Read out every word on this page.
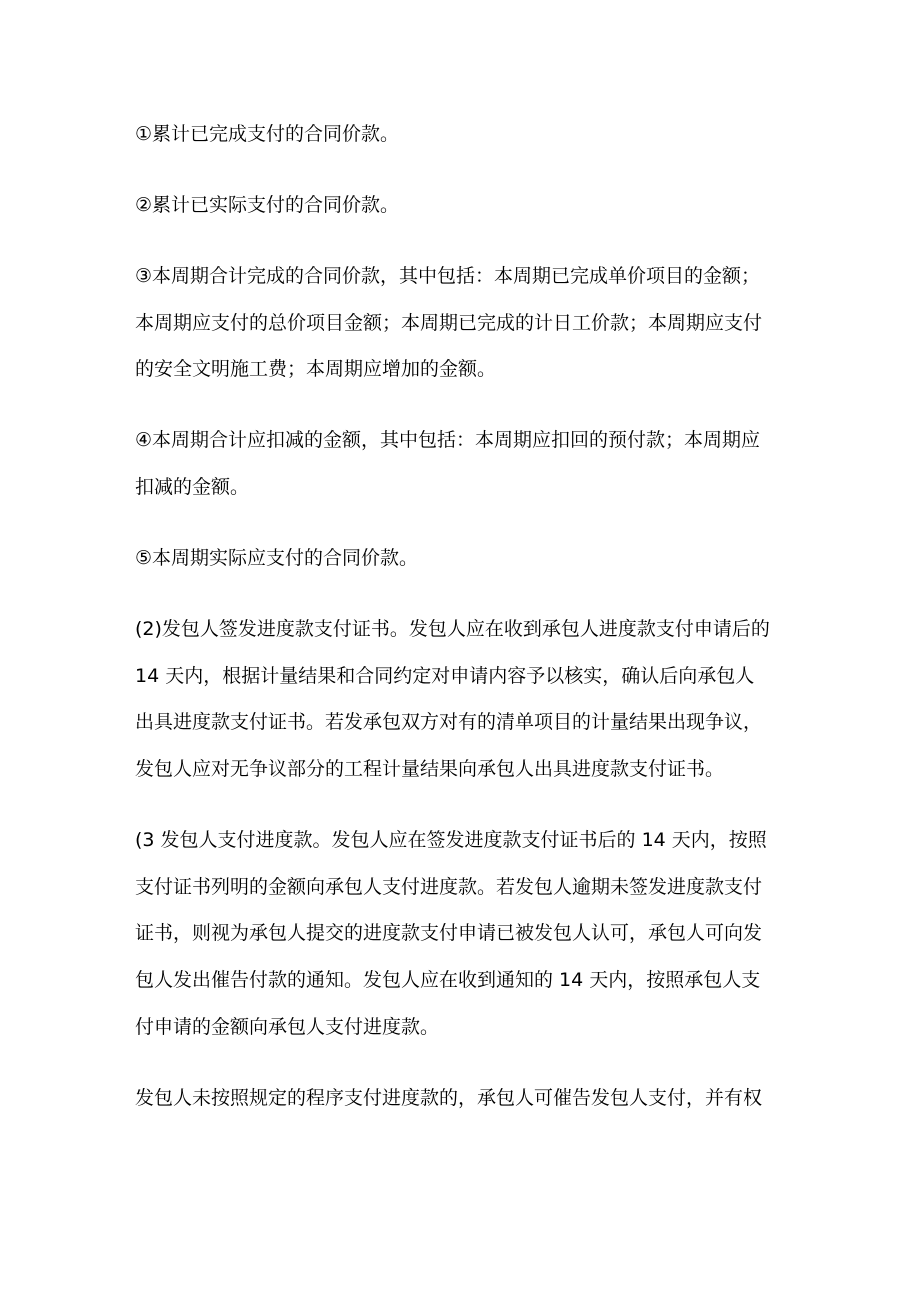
①累计已完成支付的合同价款。
②累计已实际支付的合同价款。
③本周期合计完成的合同价款，其中包括：本周期已完成单价项目的金额；
本周期应支付的总价项目金额；本周期已完成的计日工价款；本周期应支付
的安全文明施工费；本周期应增加的金额。
④本周期合计应扣减的金额，其中包括：本周期应扣回的预付款；本周期应
扣减的金额。
⑤本周期实际应支付的合同价款。
(2)发包人签发进度款支付证书。发包人应在收到承包人进度款支付申请后的
14 天内，根据计量结果和合同约定对申请内容予以核实，确认后向承包人
出具进度款支付证书。若发承包双方对有的清单项目的计量结果出现争议，
发包人应对无争议部分的工程计量结果向承包人出具进度款支付证书。
(3 发包人支付进度款。发包人应在签发进度款支付证书后的 14 天内，按照
支付证书列明的金额向承包人支付进度款。若发包人逾期未签发进度款支付
证书，则视为承包人提交的进度款支付申请已被发包人认可，承包人可向发
包人发出催告付款的通知。发包人应在收到通知的 14 天内，按照承包人支
付申请的金额向承包人支付进度款。
发包人未按照规定的程序支付进度款的，承包人可催告发包人支付，并有权
